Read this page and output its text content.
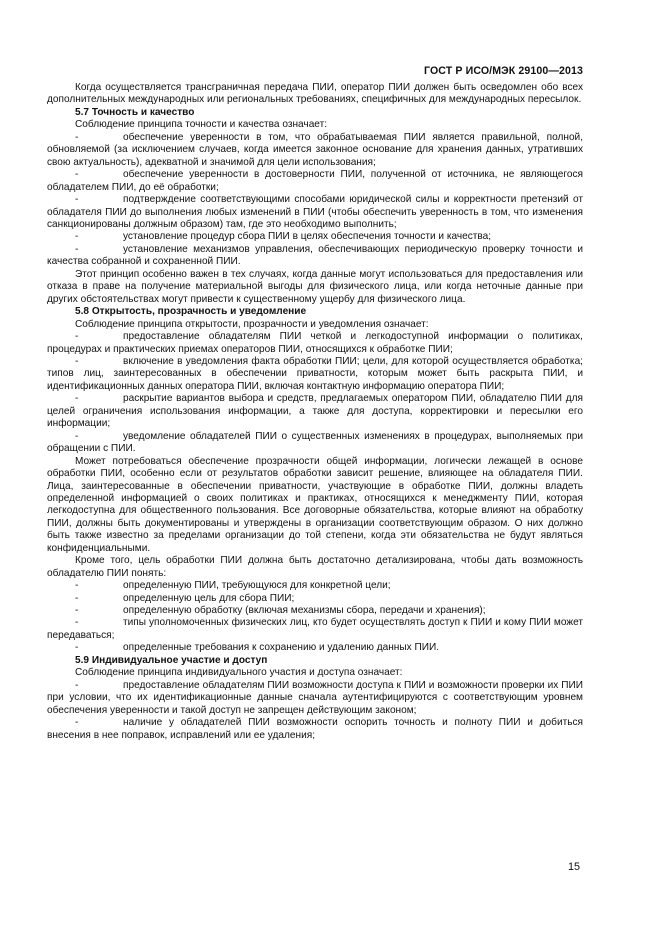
ГОСТ Р ИСО/МЭК 29100—2013

Когда осуществляется трансграничная передача ПИИ, оператор ПИИ должен быть осведомлен обо всех дополнительных международных или региональных требованиях, специфичных для международных пересылок.

5.7 Точность и качество

Соблюдение принципа точности и качества означает:

-	обеспечение уверенности в том, что обрабатываемая ПИИ является правильной, полной, обновляемой (за исключением случаев, когда имеется законное основание для хранения данных, утративших свою актуальность), адекватной и значимой для цели использования;

-	обеспечение уверенности в достоверности ПИИ, полученной от источника, не являющегося обладателем ПИИ, до её обработки;

-	подтверждение соответствующими способами юридической силы и корректности претензий от обладателя ПИИ до выполнения любых изменений в ПИИ (чтобы обеспечить уверенность в том, что изменения санкционированы должным образом) там, где это необходимо выполнить;

-	установление процедур сбора ПИИ в целях обеспечения точности и качества;

-	установление механизмов управления, обеспечивающих периодическую проверку точности и качества собранной и сохраненной ПИИ.

Этот принцип особенно важен в тех случаях, когда данные могут использоваться для предоставления или отказа в праве на получение материальной выгоды для физического лица, или когда неточные данные при других обстоятельствах могут привести к существенному ущербу для физического лица.

5.8 Открытость, прозрачность и уведомление

Соблюдение принципа открытости, прозрачности и уведомления означает:

-	предоставление обладателям ПИИ четкой и легкодоступной информации о политиках, процедурах и практических приемах операторов ПИИ, относящихся к обработке ПИИ;

-	включение в уведомления факта обработки ПИИ; цели, для которой осуществляется обработка; типов лиц, заинтересованных в обеспечении приватности, которым может быть раскрыта ПИИ, и идентификационных данных оператора ПИИ, включая контактную информацию оператора ПИИ;

-	раскрытие вариантов выбора и средств, предлагаемых оператором ПИИ, обладателю ПИИ для целей ограничения использования информации, а также для доступа, корректировки и пересылки его информации;

-	уведомление обладателей ПИИ о существенных изменениях в процедурах, выполняемых при обращении с ПИИ.

Может потребоваться обеспечение прозрачности общей информации, логически лежащей в основе обработки ПИИ, особенно если от результатов обработки зависит решение, влияющее на обладателя ПИИ. Лица, заинтересованные в обеспечении приватности, участвующие в обработке ПИИ, должны владеть определенной информацией о своих политиках и практиках, относящихся к менеджменту ПИИ, которая легкодоступна для общественного пользования. Все договорные обязательства, которые влияют на обработку ПИИ, должны быть документированы и утверждены в организации соответствующим образом. О них должно быть также известно за пределами организации до той степени, когда эти обязательства не будут являться конфиденциальными.

Кроме того, цель обработки ПИИ должна быть достаточно детализирована, чтобы дать возможность обладателю ПИИ понять:

-	определенную ПИИ, требующуюся для конкретной цели;

-	определенную цель для сбора ПИИ;

-	определенную обработку (включая механизмы сбора, передачи и хранения);

-	типы уполномоченных физических лиц, кто будет осуществлять доступ к ПИИ и кому ПИИ может передаваться;

-	определенные требования к сохранению и удалению данных ПИИ.

5.9 Индивидуальное участие и доступ

Соблюдение принципа индивидуального участия и доступа означает:

-	предоставление обладателям ПИИ возможности доступа к ПИИ и возможности проверки их ПИИ при условии, что их идентификационные данные сначала аутентифицируются с соответствующим уровнем обеспечения уверенности и такой доступ не запрещен действующим законом;

-	наличие у обладателей ПИИ возможности оспорить точность и полноту ПИИ и добиться внесения в нее поправок, исправлений или ее удаления;

15
